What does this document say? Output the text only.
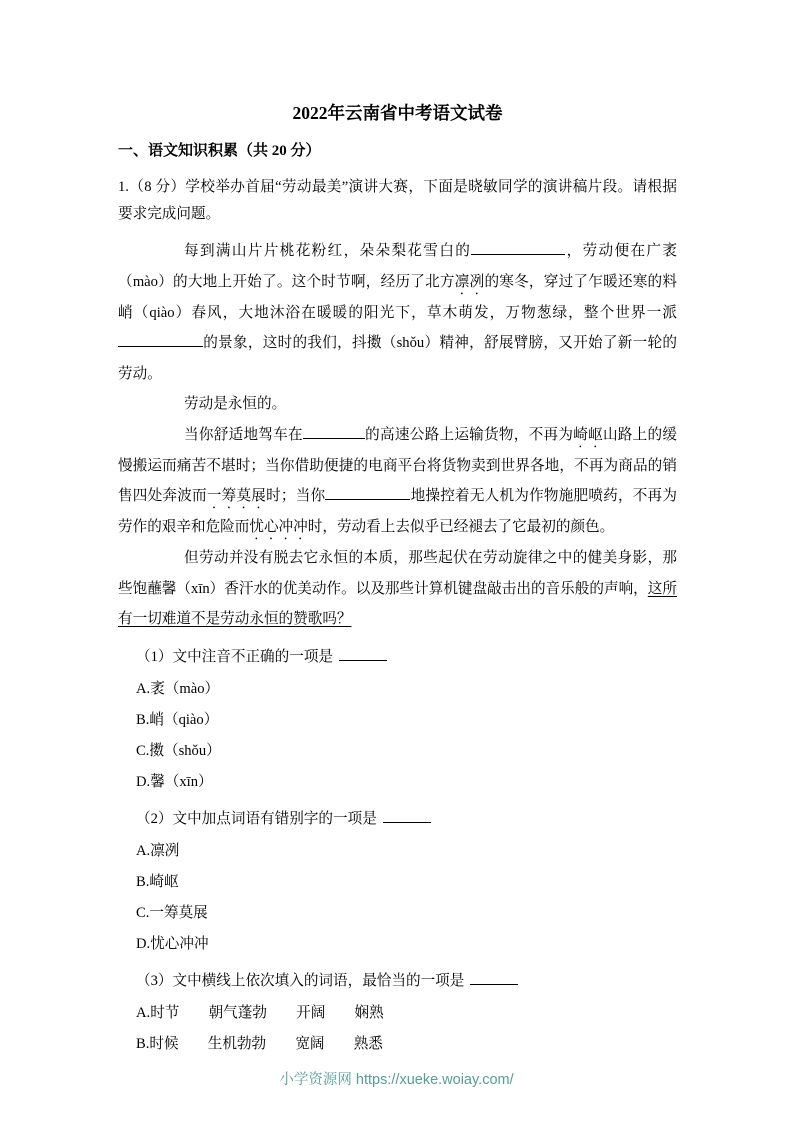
2022年云南省中考语文试卷
一、语文知识积累（共 20 分）

1.（8 分）学校举办首届“劳动最美”演讲大赛，下面是晓敏同学的演讲稿片段。请根据要求完成问题。

每到满山片片桃花粉红，朵朵梨花雪白的	，劳动便在广袤（mào）的大地上开始了。这个时节啊，经历了北方凛冽的寒冬，穿过了乍暖还寒的料峭（qiào）春风，大地沐浴在暖暖的阳光下，草木萌发，万物葱绿，整个世界一派的景象，这时的我们，抖擞（shǒu）精神，舒展臂膀，又开始了新一轮的劳动。

劳动是永恒的。

当你舒适地驾车在	的高速公路上运输货物，不再为崎岖山路上的缓慢搬运而痛苦不堪时；当你借助便捷的电商平台将货物卖到世界各地，不再为商品的销售四处奔波而一筹莫展时；当你	地操控着无人机为作物施肥喷药，不再为劳作的艰辛和危险而忧心冲冲时，劳动看上去似乎已经褪去了它最初的颜色。

但劳动并没有脱去它永恒的本质，那些起伏在劳动旋律之中的健美身影，那些饱蘸馨（xīn）香汗水的优美动作。以及那些计算机键盘敲击出的音乐般的声响，这所有一切难道不是劳动永恒的赞歌吗？

（1）文中注音不正确的一项是

A.袤（mào）

B.峭（qiào）

C.擞（shǒu）

D.馨（xīn）

（2）文中加点词语有错别字的一项是

A.凛冽

B.崎岖

C.一筹莫展

D.忧心冲冲

（3）文中横线上依次填入的词语，最恰当的一项是

A.时节　　朝气蓬勃　　开阔　　娴熟

B.时候　　生机勃勃　　宽阔　　熟悉

小学资源网 https://xueke.woiay.com/
